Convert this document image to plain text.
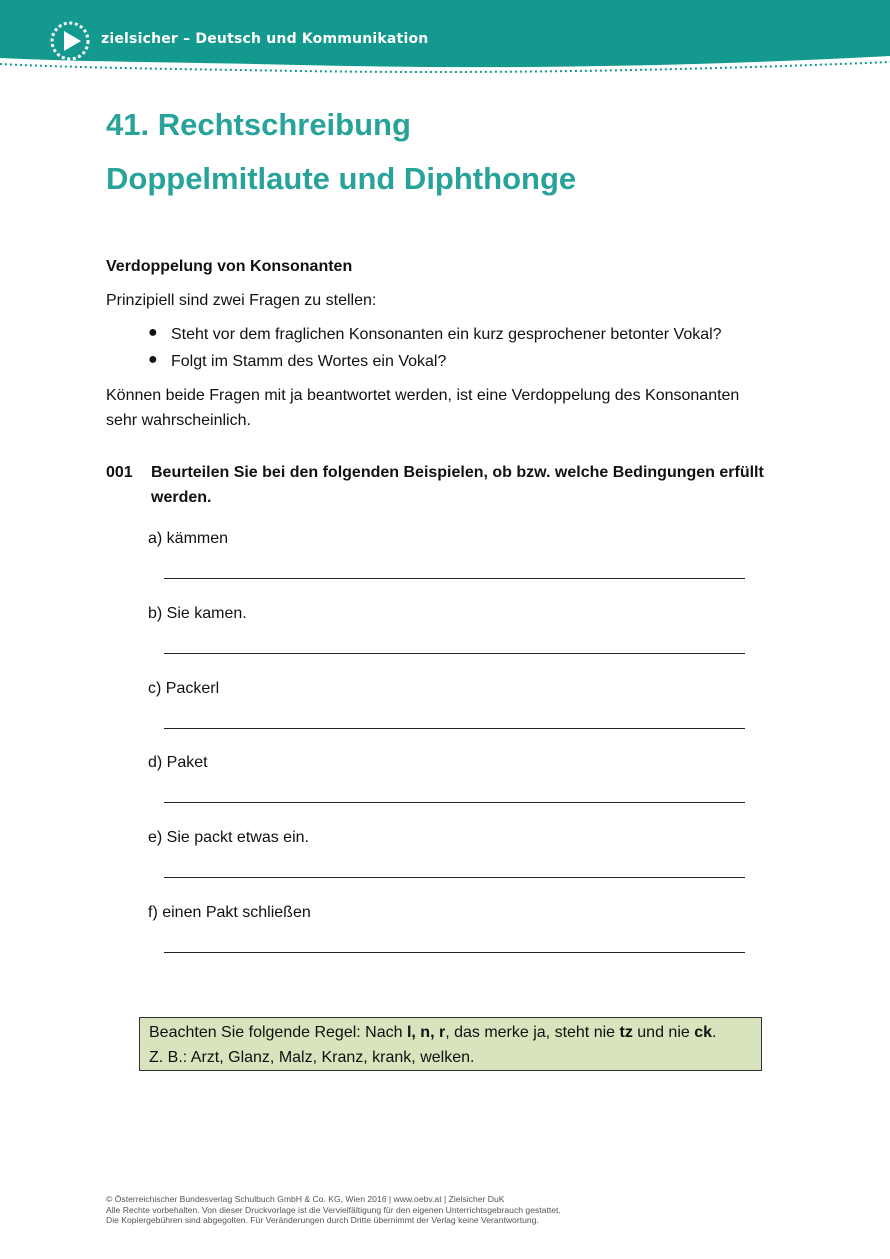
zielsicher – Deutsch und Kommunikation
41. Rechtschreibung
Doppelmitlaute und Diphthonge
Verdoppelung von Konsonanten
Prinzipiell sind zwei Fragen zu stellen:
● Steht vor dem fraglichen Konsonanten ein kurz gesprochener betonter Vokal?
● Folgt im Stamm des Wortes ein Vokal?
Können beide Fragen mit ja beantwortet werden, ist eine Verdoppelung des Konsonanten
sehr wahrscheinlich.
001 Beurteilen Sie bei den folgenden Beispielen, ob bzw. welche Bedingungen erfüllt
werden.
a) kämmen
b) Sie kamen.
c) Packerl
d) Paket
e) Sie packt etwas ein.
f) einen Pakt schließen
Beachten Sie folgende Regel: Nach l, n, r, das merke ja, steht nie tz und nie ck.
Z. B.: Arzt, Glanz, Malz, Kranz, krank, welken.
© Österreichischer Bundesverlag Schulbuch GmbH & Co. KG, Wien 2016 | www.oebv.at | Zielsicher DuK
Alle Rechte vorbehalten. Von dieser Druckvorlage ist die Vervielfältigung für den eigenen Unterrichtsgebrauch gestattet.
Die Kopiergebühren sind abgegolten. Für Veränderungen durch Dritte übernimmt der Verlag keine Verantwortung.
